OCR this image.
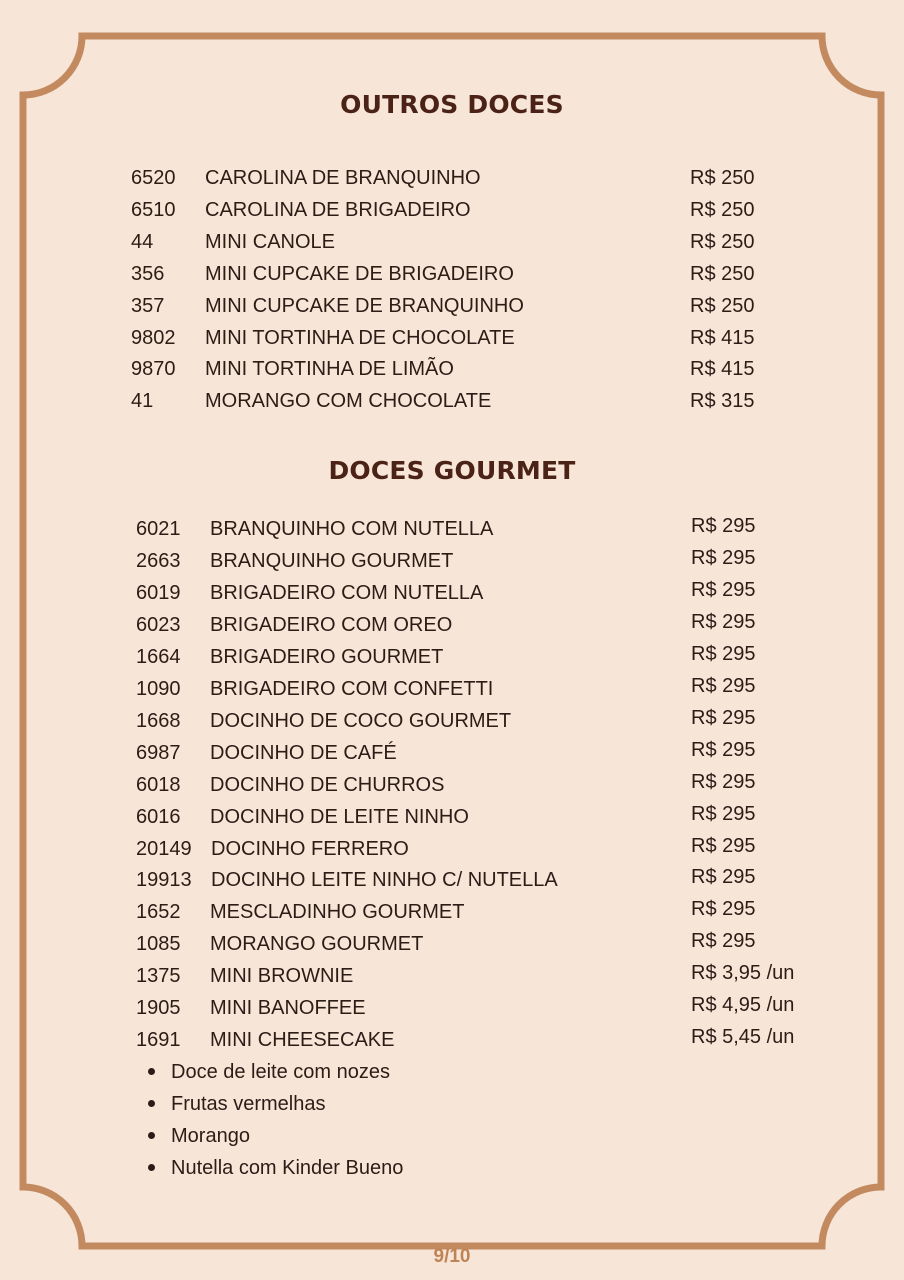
OUTROS DOCES
6520 CAROLINA DE BRANQUINHO	R$ 250
6510 CAROLINA DE BRIGADEIRO	R$ 250
44	MINI CANOLE	R$ 250
356 MINI CUPCAKE DE BRIGADEIRO	R$ 250
357 MINI CUPCAKE DE BRANQUINHO	R$ 250
9802 MINI TORTINHA DE CHOCOLATE	R$ 415
9870 MINI TORTINHA DE LIMÃO	R$ 415
41	MORANGO COM CHOCOLATE	R$ 315
DOCES GOURMET
6021 BRANQUINHO COM NUTELLA	R$ 295
2663 BRANQUINHO GOURMET	R$ 295
6019 BRIGADEIRO COM NUTELLA	R$ 295
6023 BRIGADEIRO COM OREO	R$ 295
1664 BRIGADEIRO GOURMET	R$ 295
1090 BRIGADEIRO COM CONFETTI	R$ 295
1668 DOCINHO DE COCO GOURMET	R$ 295
6987 DOCINHO DE CAFÉ	R$ 295
6018 DOCINHO DE CHURROS	R$ 295
6016 DOCINHO DE LEITE NINHO	R$ 295
20149 DOCINHO FERRERO	R$ 295
19913 DOCINHO LEITE NINHO C/ NUTELLA	R$ 295
1652 MESCLADINHO GOURMET	R$ 295
1085 MORANGO GOURMET	R$ 295
1375 MINI BROWNIE	R$ 3,95 /un
1905 MINI BANOFFEE	R$ 4,95 /un
1691 MINI CHEESECAKE	R$ 5,45 /un
Doce de leite com nozes
Frutas vermelhas
Morango
Nutella com Kinder Bueno
9/10
